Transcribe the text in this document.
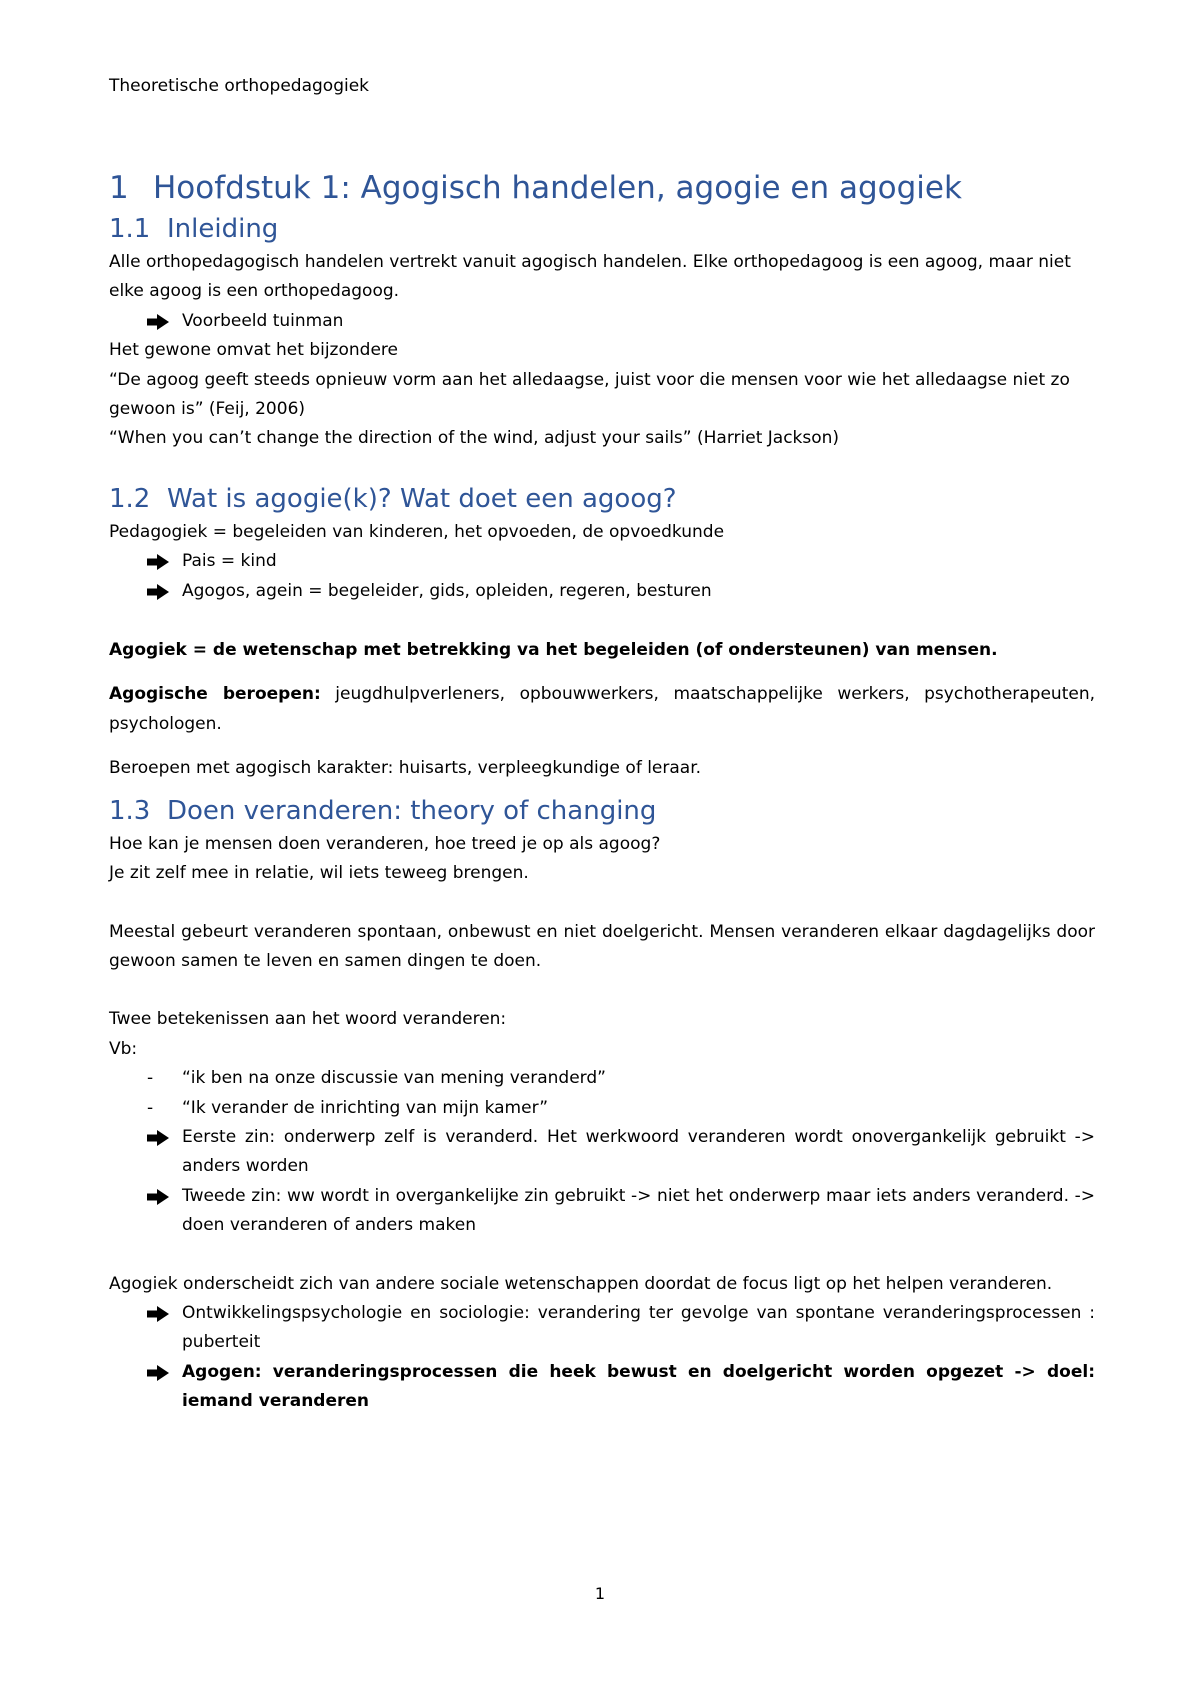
Theoretische orthopedagogiek
1 Hoofdstuk 1: Agogisch handelen, agogie en agogiek
1.1 Inleiding

Alle orthopedagogisch handelen vertrekt vanuit agogisch handelen. Elke orthopedagoog is een agoog, maar niet elke agoog is een orthopedagoog.

Voorbeeld tuinman

Het gewone omvat het bijzondere

“De agoog geeft steeds opnieuw vorm aan het alledaagse, juist voor die mensen voor wie het alledaagse niet zo gewoon is” (Feij, 2006)

“When you can’t change the direction of the wind, adjust your sails” (Harriet Jackson)

1.2 Wat is agogie(k)? Wat doet een agoog?

Pedagogiek = begeleiden van kinderen, het opvoeden, de opvoedkunde

Pais = kind
Agogos, agein = begeleider, gids, opleiden, regeren, besturen

Agogiek = de wetenschap met betrekking va het begeleiden (of ondersteunen) van mensen.

Agogische beroepen: jeugdhulpverleners, opbouwwerkers, maatschappelijke werkers, psychotherapeuten, psychologen.

Beroepen met agogisch karakter: huisarts, verpleegkundige of leraar.

1.3 Doen veranderen: theory of changing

Hoe kan je mensen doen veranderen, hoe treed je op als agoog?

Je zit zelf mee in relatie, wil iets teweeg brengen.

Meestal gebeurt veranderen spontaan, onbewust en niet doelgericht. Mensen veranderen elkaar dagdagelijks door gewoon samen te leven en samen dingen te doen.

Twee betekenissen aan het woord veranderen:

Vb:

- “ik ben na onze discussie van mening veranderd”
- “Ik verander de inrichting van mijn kamer”
Eerste zin: onderwerp zelf is veranderd. Het werkwoord veranderen wordt onovergankelijk gebruikt -> anders worden
Tweede zin: ww wordt in overgankelijke zin gebruikt -> niet het onderwerp maar iets anders veranderd. -> doen veranderen of anders maken

Agogiek onderscheidt zich van andere sociale wetenschappen doordat de focus ligt op het helpen veranderen.

Ontwikkelingspsychologie en sociologie: verandering ter gevolge van spontane veranderingsprocessen : puberteit
Agogen: veranderingsprocessen die heek bewust en doelgericht worden opgezet -> doel: iemand veranderen
1
